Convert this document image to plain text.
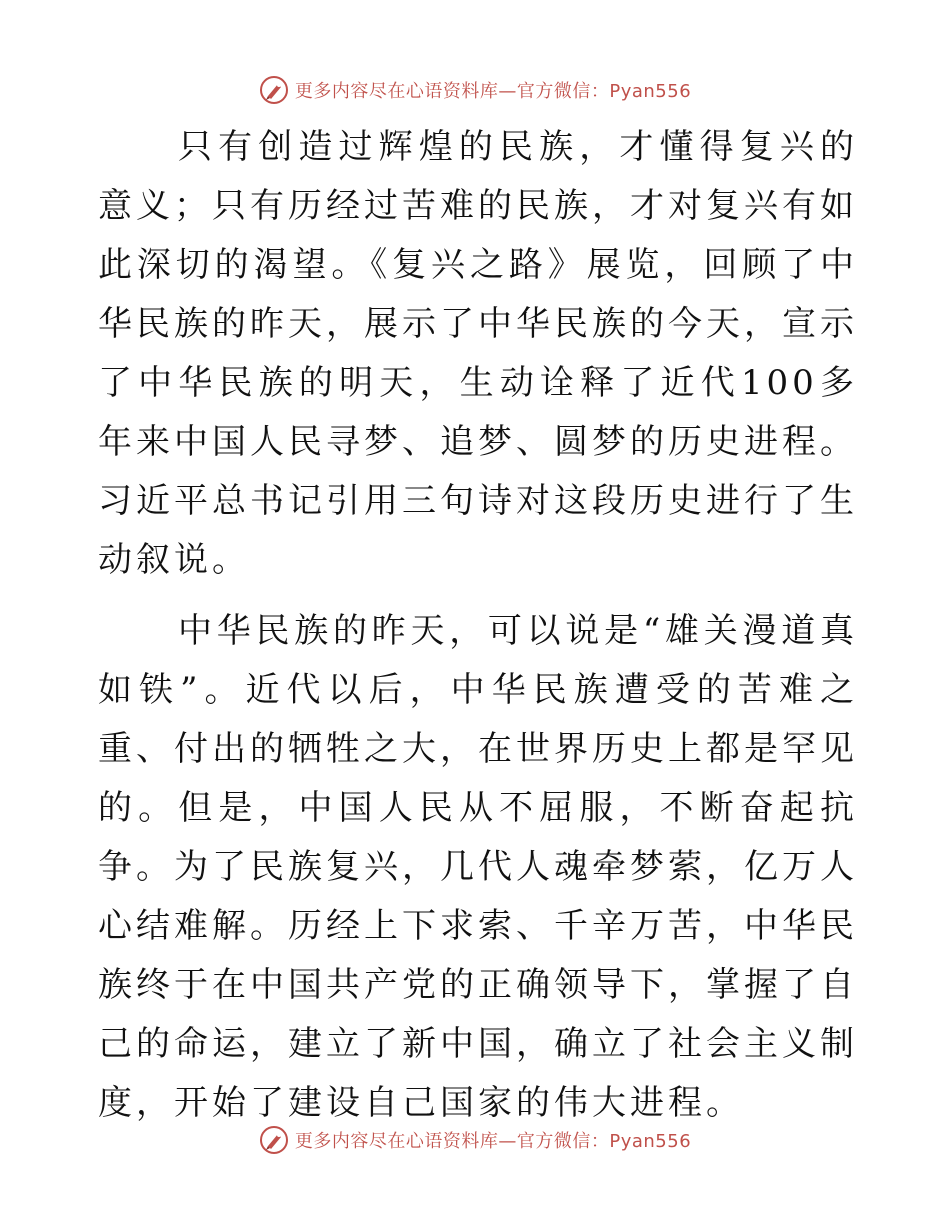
更多内容尽在心语资料库—官方微信：Pyan556

只有创造过辉煌的民族，才懂得复兴的意义；只有历经过苦难的民族，才对复兴有如此深切的渴望。《复兴之路》展览，回顾了中华民族的昨天，展示了中华民族的今天，宣示了中华民族的明天，生动诠释了近代100多年来中国人民寻梦、追梦、圆梦的历史进程。习近平总书记引用三句诗对这段历史进行了生动叙说。

中华民族的昨天，可以说是“雄关漫道真如铁”。近代以后，中华民族遭受的苦难之重、付出的牺牲之大，在世界历史上都是罕见的。但是，中国人民从不屈服，不断奋起抗争。为了民族复兴，几代人魂牵梦萦，亿万人心结难解。历经上下求索、千辛万苦，中华民族终于在中国共产党的正确领导下，掌握了自己的命运，建立了新中国，确立了社会主义制度，开始了建设自己国家的伟大进程。

更多内容尽在心语资料库—官方微信：Pyan556
